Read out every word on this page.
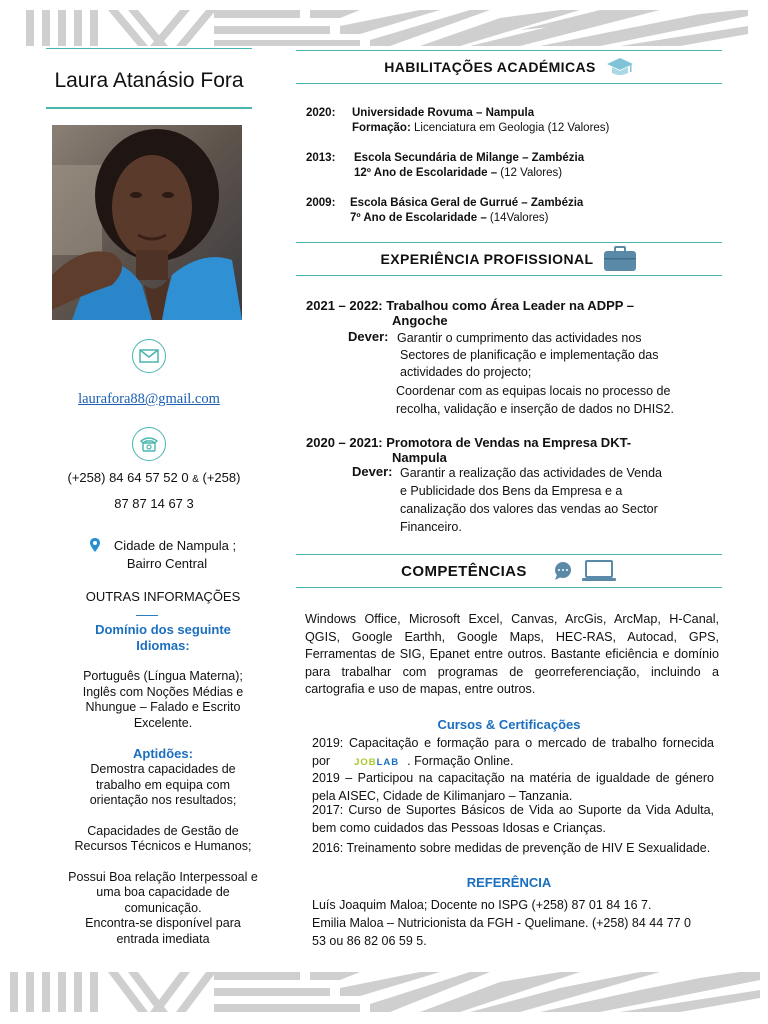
Laura Atanásio Fora
laurafora88@gmail.com
(+258) 84 64 57 52 0 & (+258)
87 87 14 67 3
Cidade de Nampula ;
Bairro Central
OUTRAS INFORMAÇÕES
Domínio dos seguinte
Idiomas:
Português (Língua Materna);
Inglês com Noções Médias e
Nhungue – Falado e Escrito
Excelente.
Aptidões:
Demostra capacidades de
trabalho em equipa com
orientação nos resultados;
Capacidades de Gestão de
Recursos Técnicos e Humanos;
Possui Boa relação Interpessoal e
uma boa capacidade de
comunicação.
Encontra-se disponível para
entrada imediata
HABILITAÇÕES ACADÉMICAS
2020:	Universidade Rovuma – Nampula
Formação: Licenciatura em Geologia (12 Valores)
2013:	Escola Secundária de Milange – Zambézia
12º Ano de Escolaridade – (12 Valores)
2009:	Escola Básica Geral de Gurrué – Zambézia
7º Ano de Escolaridade – (14Valores)
EXPERIÊNCIA PROFISSIONAL
2021 – 2022: Trabalhou como Área Leader na ADPP –
Angoche
Dever: Garantir o cumprimento das actividades nos
Sectores de planificação e implementação das
actividades do projecto;
Coordenar com as equipas locais no processo de
recolha, validação e inserção de dados no DHIS2.
2020 – 2021: Promotora de Vendas na Empresa DKT-
Nampula
Dever: Garantir a realização das actividades de Venda
e Publicidade dos Bens da Empresa e a
canalização dos valores das vendas ao Sector
Financeiro.
COMPETÊNCIAS
Windows Office, Microsoft Excel, Canvas, ArcGis, ArcMap, H-Canal, QGIS, Google Earthh, Google Maps, HEC-RAS, Autocad, GPS, Ferramentas de SIG, Epanet entre outros. Bastante eficiência e domínio para trabalhar com programas de georreferenciação, incluindo a cartografia e uso de mapas, entre outros.
Cursos & Certificações
2019: Capacitação e formação para o mercado de trabalho fornecida por	JOBLAB . Formação Online.
2019 – Participou na capacitação na matéria de igualdade de género pela AISEC, Cidade de Kilimanjaro – Tanzania.
2017: Curso de Suportes Básicos de Vida ao Suporte da Vida Adulta, bem como cuidados das Pessoas Idosas e Crianças.
2016: Treinamento sobre medidas de prevenção de HIV E Sexualidade.
REFERÊNCIA
Luís Joaquim Maloa; Docente no ISPG (+258) 87 01 84 16 7.
Emilia Maloa – Nutricionista da FGH - Quelimane. (+258) 84 44 77 0
53 ou 86 82 06 59 5.
